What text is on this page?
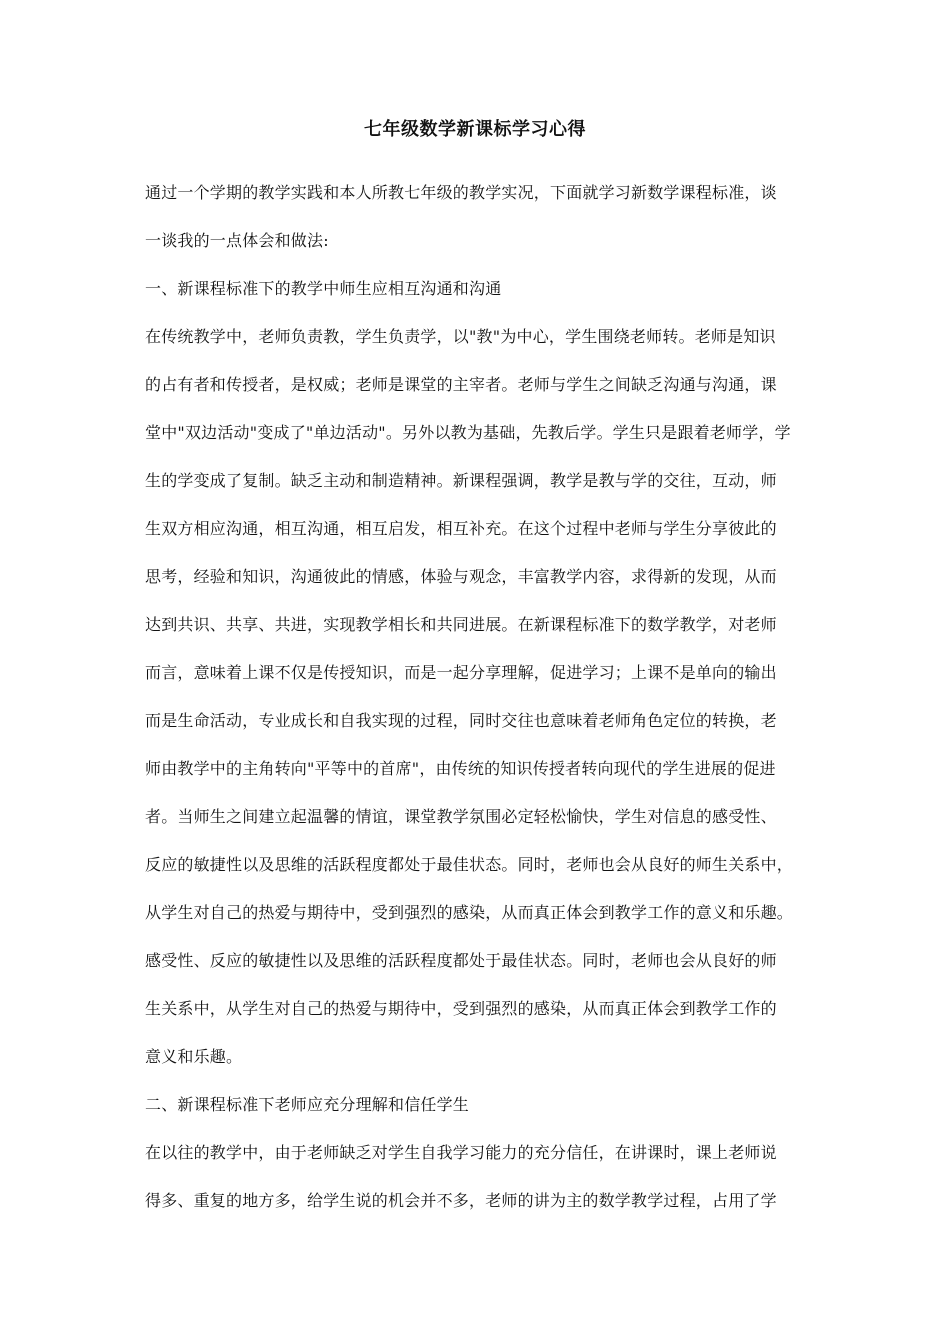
七年级数学新课标学习心得
通过一个学期的教学实践和本人所教七年级的教学实况，下面就学习新数学课程标准，谈
一谈我的一点体会和做法:
一、新课程标准下的教学中师生应相互沟通和沟通
在传统教学中，老师负责教，学生负责学，以"教"为中心，学生围绕老师转。老师是知识
的占有者和传授者，是权威；老师是课堂的主宰者。老师与学生之间缺乏沟通与沟通，课
堂中"双边活动"变成了"单边活动"。另外以教为基础，先教后学。学生只是跟着老师学，学
生的学变成了复制。缺乏主动和制造精神。新课程强调，教学是教与学的交往，互动，师
生双方相应沟通，相互沟通，相互启发，相互补充。在这个过程中老师与学生分享彼此的
思考，经验和知识，沟通彼此的情感，体验与观念，丰富教学内容，求得新的发现，从而
达到共识、共享、共进，实现教学相长和共同进展。在新课程标准下的数学教学，对老师
而言，意味着上课不仅是传授知识，而是一起分享理解，促进学习；上课不是单向的输出
而是生命活动，专业成长和自我实现的过程，同时交往也意味着老师角色定位的转换，老
师由教学中的主角转向"平等中的首席"，由传统的知识传授者转向现代的学生进展的促进
者。当师生之间建立起温馨的情谊，课堂教学氛围必定轻松愉快，学生对信息的感受性、
反应的敏捷性以及思维的活跃程度都处于最佳状态。同时，老师也会从良好的师生关系中，
从学生对自己的热爱与期待中，受到强烈的感染，从而真正体会到教学工作的意义和乐趣。
感受性、反应的敏捷性以及思维的活跃程度都处于最佳状态。同时，老师也会从良好的师
生关系中，从学生对自己的热爱与期待中，受到强烈的感染，从而真正体会到教学工作的
意义和乐趣。
二、新课程标准下老师应充分理解和信任学生
在以往的教学中，由于老师缺乏对学生自我学习能力的充分信任，在讲课时，课上老师说
得多、重复的地方多，给学生说的机会并不多，老师的讲为主的数学教学过程，占用了学
